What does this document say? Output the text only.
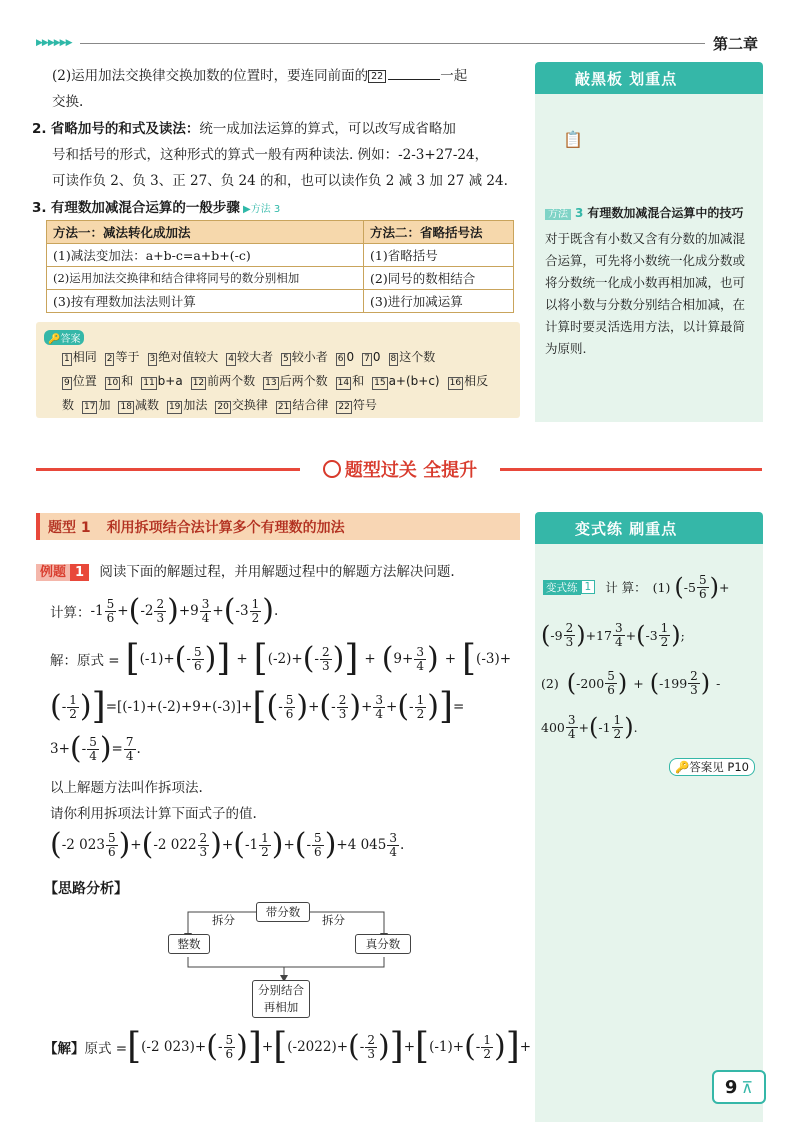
▶▶▶▶▶▶	第二章
(2)运用加法交换律交换加数的位置时，要连同前面的 22	一起
交换.
2. 省略加号的和式及读法：统一成加法运算的算式，可以改写成省略加
号和括号的形式，这种形式的算式一般有两种读法. 例如：-2-3+27-24，
可读作负 2、负 3、正 27、负 24 的和，也可以读作负 2 减 3 加 27 减 24.
3. 有理数加减混合运算的一般步骤 ▶方法 3
方法一：减法转化成加法	方法二：省略括号法
(1)减法变加法：a+b-c=a+b+(-c)	(1)省略括号
(2)运用加法交换律和结合律将同号的数分别相加	(2)同号的数相结合
(3)按有理数加法法则计算	(3)进行加减运算
🔑答案
1 相同 2 等于 3 绝对值较大 4 较大者 5 较小者 6 0 7 0 8 这个数
9 位置 10 和 11 b+a 12 前两个数 13 后两个数 14 和 15 a+(b+c) 16 相反
数 17 加 18 减数 19 加法 20 交换律 21 结合律 22 符号
📋
敲黑板 划重点
方法 3 有理数加减混合运算中的技巧
对于既含有小数又含有分数的加减混合运算，可先将小数统一化成分数或将分数统一化成小数再相加减，也可以将小数与分数分别结合相加减，在计算时要灵活选用方法，以计算最简为原则.
题型过关 全提升
题型 1 利用拆项结合法计算多个有理数的加法
例题 1 阅读下面的解题过程，并用解题过程中的解题方法解决问题.
计算： $-1 \frac{5}{6}$ + ( $-2 \frac{2}{3}$ ) $+9 \frac{3}{4}$ + ( $-3 \frac{1}{2}$ ) .
解：原式 = [ (-1)+ ( - $\frac{5}{6}$ ) ] + [ (-2)+ ( - $\frac{2}{3}$ ) ] + ( $9+ \frac{3}{4}$ ) + [ (-3)+
( - $\frac{1}{2}$ ) ] =[(-1)+(-2)+9+(-3)]+ [ ( - $\frac{5}{6}$ ) + ( - $\frac{2}{3}$ ) + $\frac{3}{4}$ + ( - $\frac{1}{2}$ ) ] =
3+ ( - $\frac{5}{4}$ ) = $\frac{7}{4}$ .
以上解题方法叫作拆项法.
请你利用拆项法计算下面式子的值.
( -2 $023 \frac{5}{6}$ ) + ( -2 $022 \frac{2}{3}$ ) + ( $-1 \frac{1}{2}$ ) + ( - $\frac{5}{6}$ ) +4 $045 \frac{3}{4}$ .
【思路分析】
带分数
整数	真分数
分别结合再相加
拆分	拆分
【解】 原式 = [ (-2 023)+ ( - $\frac{5}{6}$ ) ] + [ (-2022)+ ( - $\frac{2}{3}$ ) ] + [ (-1)+ ( - $\frac{1}{2}$ ) ] +
变式练 刷重点
变式练 1	计 算： (1) ( $-5 \frac{5}{6}$ ) +
( $-9 \frac{2}{3}$ ) $+17 \frac{3}{4}$ + ( $-3 \frac{1}{2}$ ) ;
(2) ( $-200 \frac{5}{6}$ ) + ( $-199 \frac{2}{3}$ ) -
$400 \frac{3}{4}$ + ( $-1 \frac{1}{2}$ ) .
🔑答案见 P10
9 ⊼
